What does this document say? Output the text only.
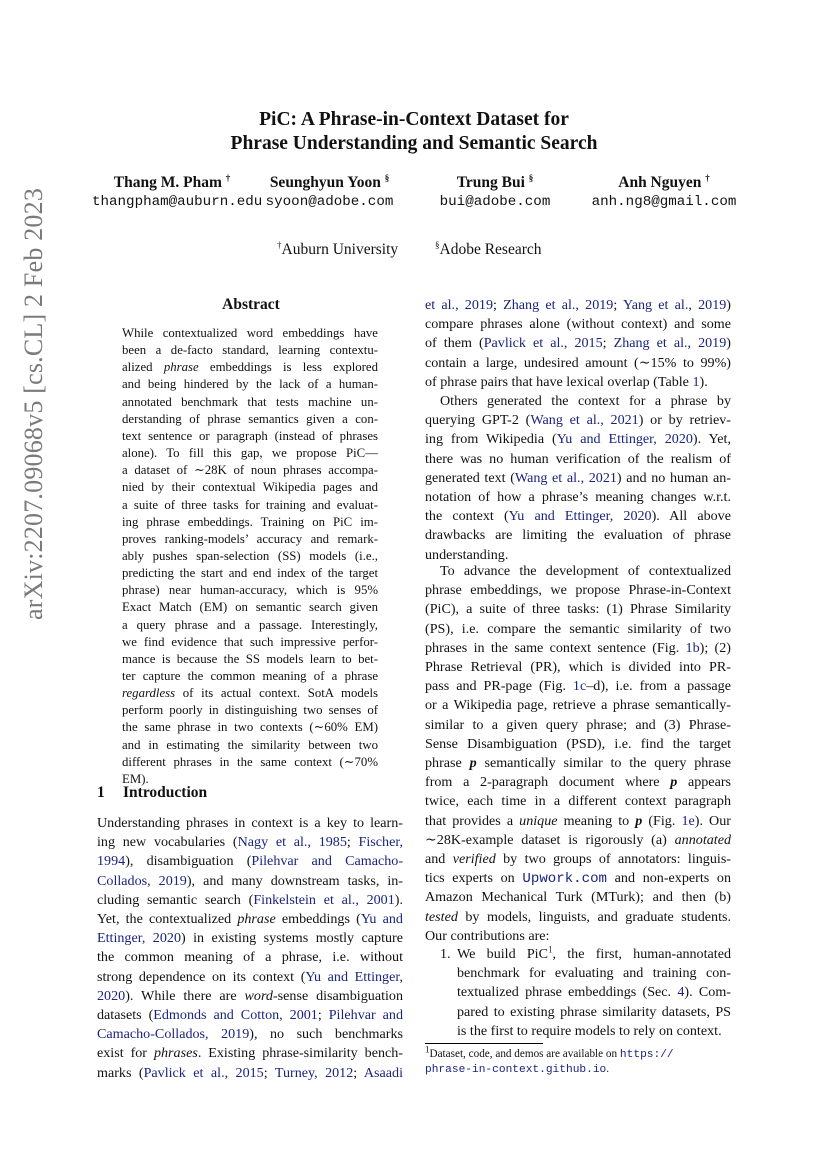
arXiv:2207.09068v5 [cs.CL] 2 Feb 2023
PiC: A Phrase-in-Context Dataset for
Phrase Understanding and Semantic Search
Thang M. Pham †
thangpham@auburn.edu
Seunghyun Yoon §
syoon@adobe.com
Trung Bui §
bui@adobe.com
Anh Nguyen †
anh.ng8@gmail.com
†Auburn University	§Adobe Research
Abstract
While contextualized word embeddings have
been a de-facto standard, learning contextu-
alized phrase embeddings is less explored
and being hindered by the lack of a human-
annotated benchmark that tests machine un-
derstanding of phrase semantics given a con-
text sentence or paragraph (instead of phrases
alone). To fill this gap, we propose PiC—
a dataset of ∼28K of noun phrases accompa-
nied by their contextual Wikipedia pages and
a suite of three tasks for training and evaluat-
ing phrase embeddings. Training on PiC im-
proves ranking-models’ accuracy and remark-
ably pushes span-selection (SS) models (i.e.,
predicting the start and end index of the target
phrase) near human-accuracy, which is 95%
Exact Match (EM) on semantic search given
a query phrase and a passage. Interestingly,
we find evidence that such impressive perfor-
mance is because the SS models learn to bet-
ter capture the common meaning of a phrase
regardless of its actual context. SotA models
perform poorly in distinguishing two senses of
the same phrase in two contexts (∼60% EM)
and in estimating the similarity between two
different phrases in the same context (∼70%
EM).
1 Introduction
Understanding phrases in context is a key to learn-
ing new vocabularies (Nagy et al., 1985; Fischer,
1994), disambiguation (Pilehvar and Camacho-
Collados, 2019), and many downstream tasks, in-
cluding semantic search (Finkelstein et al., 2001).
Yet, the contextualized phrase embeddings (Yu and
Ettinger, 2020) in existing systems mostly capture
the common meaning of a phrase, i.e. without
strong dependence on its context (Yu and Ettinger,
2020). While there are word-sense disambiguation
datasets (Edmonds and Cotton, 2001; Pilehvar and
Camacho-Collados, 2019), no such benchmarks
exist for phrases. Existing phrase-similarity bench-
marks (Pavlick et al., 2015; Turney, 2012; Asaadi
et al., 2019; Zhang et al., 2019; Yang et al., 2019)
compare phrases alone (without context) and some
of them (Pavlick et al., 2015; Zhang et al., 2019)
contain a large, undesired amount (∼15% to 99%)
of phrase pairs that have lexical overlap (Table 1).
Others generated the context for a phrase by
querying GPT-2 (Wang et al., 2021) or by retriev-
ing from Wikipedia (Yu and Ettinger, 2020). Yet,
there was no human verification of the realism of
generated text (Wang et al., 2021) and no human an-
notation of how a phrase’s meaning changes w.r.t.
the context (Yu and Ettinger, 2020). All above
drawbacks are limiting the evaluation of phrase
understanding.
To advance the development of contextualized
phrase embeddings, we propose Phrase-in-Context
(PiC), a suite of three tasks: (1) Phrase Similarity
(PS), i.e. compare the semantic similarity of two
phrases in the same context sentence (Fig. 1b); (2)
Phrase Retrieval (PR), which is divided into PR-
pass and PR-page (Fig. 1c–d), i.e. from a passage
or a Wikipedia page, retrieve a phrase semantically-
similar to a given query phrase; and (3) Phrase-
Sense Disambiguation (PSD), i.e. find the target
phrase p semantically similar to the query phrase
from a 2-paragraph document where p appears
twice, each time in a different context paragraph
that provides a unique meaning to p (Fig. 1e). Our
∼28K-example dataset is rigorously (a) annotated
and verified by two groups of annotators: linguis-
tics experts on Upwork.com and non-experts on
Amazon Mechanical Turk (MTurk); and then (b)
tested by models, linguists, and graduate students.
Our contributions are:
We build PiC$^1$, the first, human-annotated
benchmark for evaluating and training con-
textualized phrase embeddings (Sec. 4). Com-
pared to existing phrase similarity datasets, PS
is the first to require models to rely on context.
1.
$^1$Dataset, code, and demos are available on https://
phrase-in-context.github.io.
